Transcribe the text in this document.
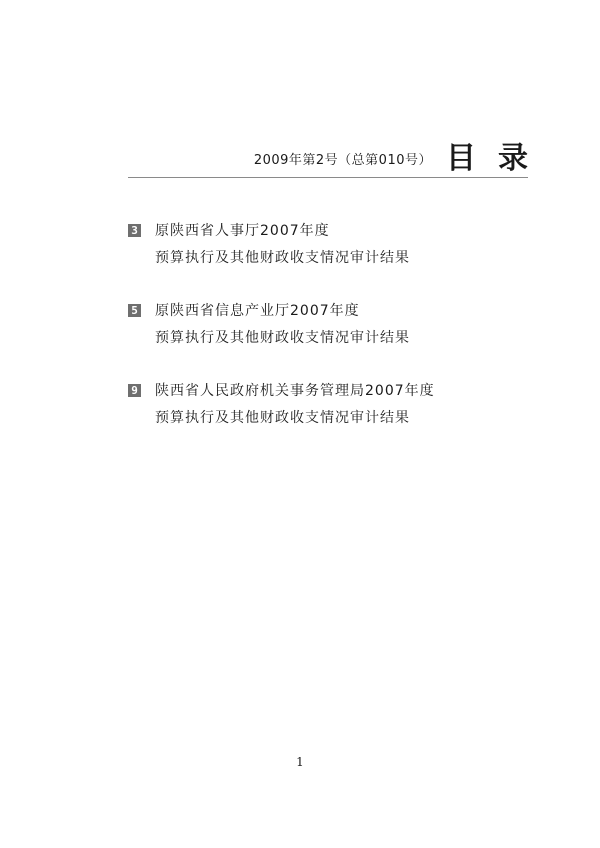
2009年第2号（总第010号） 目录
3 原陕西省人事厅2007年度
预算执行及其他财政收支情况审计结果
5 原陕西省信息产业厅2007年度
预算执行及其他财政收支情况审计结果
9 陕西省人民政府机关事务管理局2007年度
预算执行及其他财政收支情况审计结果
1
